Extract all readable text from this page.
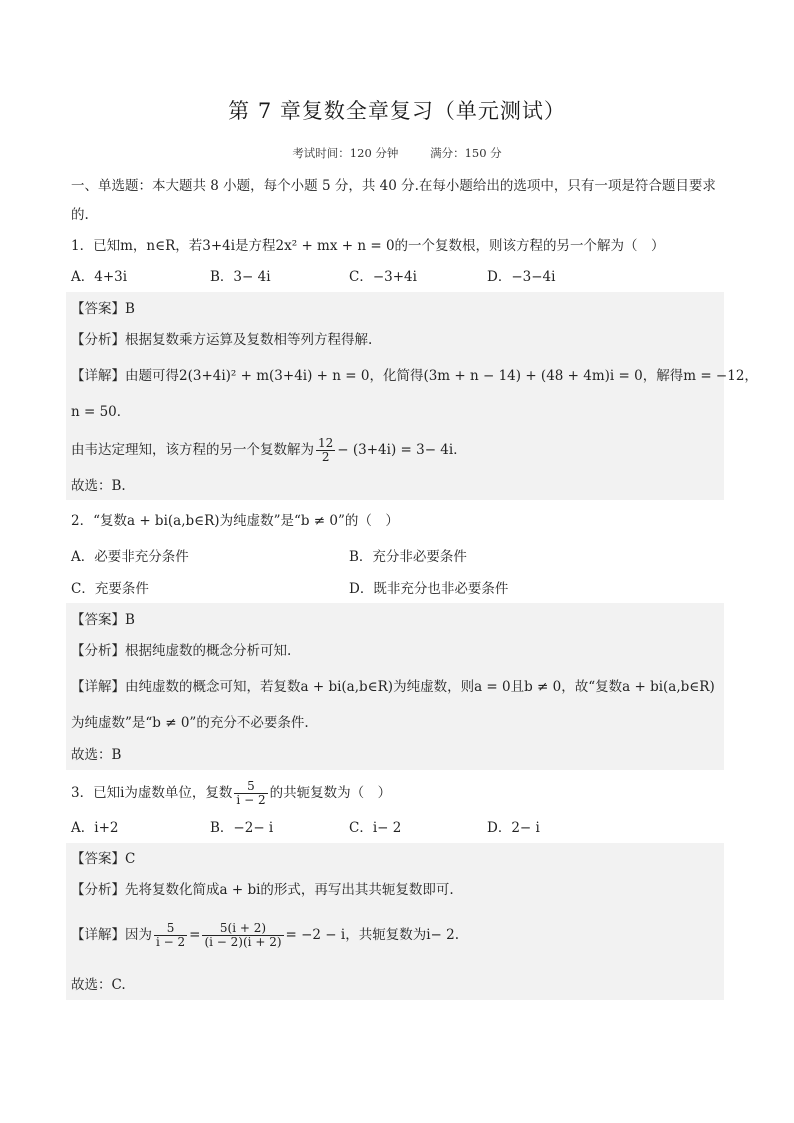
第 7 章复数全章复习（单元测试）
考试时间：120 分钟	满分：150 分
一、单选题：本大题共 8 小题，每个小题 5 分，共 40 分.在每小题给出的选项中，只有一项是符合题目要求
的.
1．已知m，n∈R，若3+4i是方程2x² + mx + n = 0的一个复数根，则该方程的另一个解为（　）
A．4+3i	B．3− 4i	C．−3+4i	D．−3−4i
【答案】B
【分析】根据复数乘方运算及复数相等列方程得解.
【详解】由题可得2(3+4i)² + m(3+4i) + n = 0，化简得(3m + n − 14) + (48 + 4m)i = 0，解得m = −12，
n = 50．
由韦达定理知，该方程的另一个复数解为 $\frac{12}{2} - (3+4i) = 3- 4i$．
故选：B.
2．“复数a + bi(a,b∈R)为纯虚数”是“b ≠ 0”的（　）
A．必要非充分条件	B．充分非必要条件
C．充要条件	D．既非充分也非必要条件
【答案】B
【分析】根据纯虚数的概念分析可知.
【详解】由纯虚数的概念可知，若复数a + bi(a,b∈R)为纯虚数，则a = 0且b ≠ 0，故“复数a + bi(a,b∈R)
为纯虚数”是“b ≠ 0”的充分不必要条件.
故选：B
3．已知i为虚数单位，复数 $\frac{5}{i - 2}$ 的共轭复数为（　）
A．i+2	B．−2− i	C．i− 2	D．2− i
【答案】C
【分析】先将复数化简成a + bi的形式，再写出其共轭复数即可.
【详解】因为 $\frac{5}{i - 2} = \frac{5(i + 2)}{(i - 2)(i + 2)} = -2 - i$，共轭复数为i− 2.
故选：C.
